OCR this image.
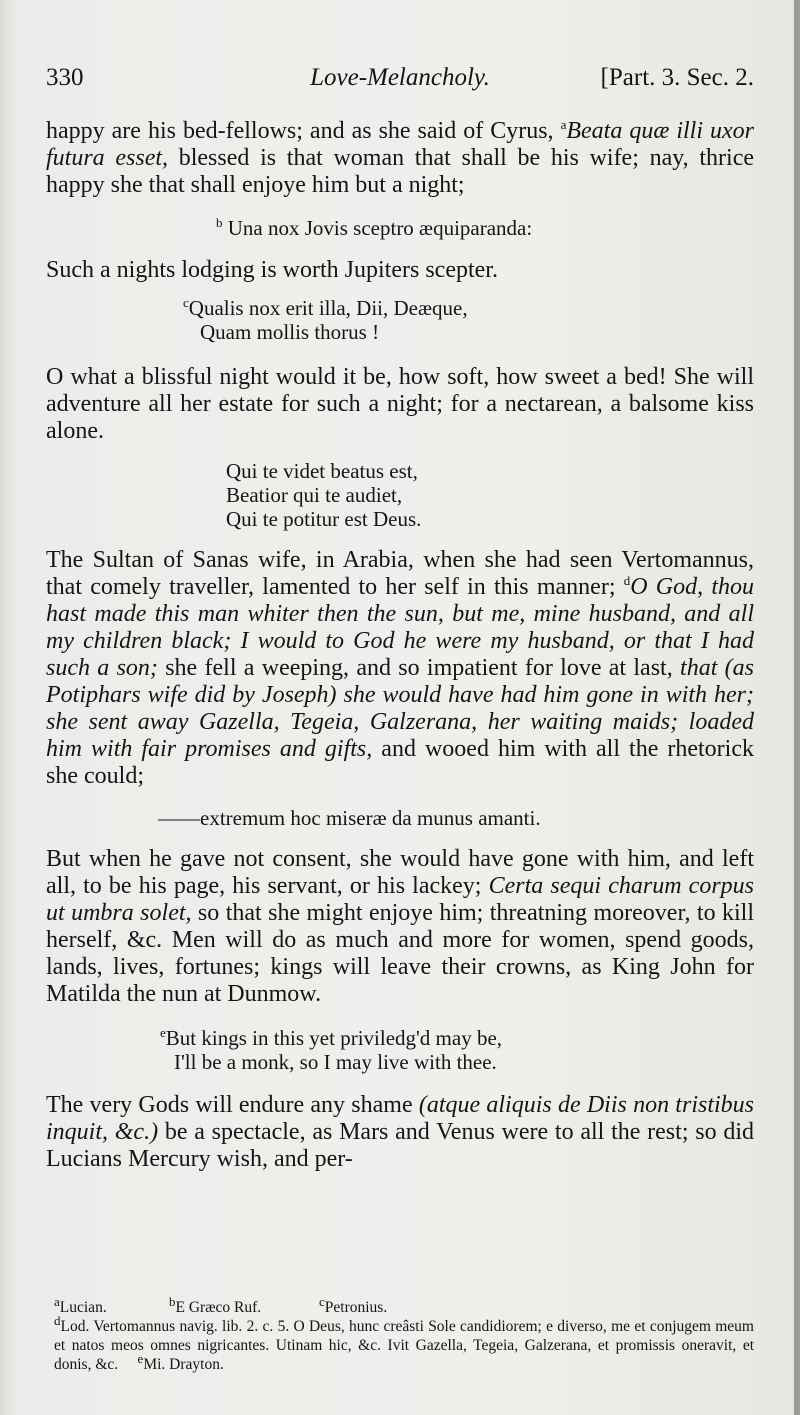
330	Love-Melancholy.	[Part. 3. Sec. 2.

happy are his bed-fellows; and as she said of Cyrus, $^a$Beata quæ illi uxor futura esset, blessed is that woman that shall be his wife; nay, thrice happy she that shall enjoye him but a night;

$^b$ Una nox Jovis sceptro æquiparanda:

Such a nights lodging is worth Jupiters scepter.

$^c$Qualis nox erit illa, Dii, Deæque,
Quam mollis thorus !

O what a blissful night would it be, how soft, how sweet a bed! She will adventure all her estate for such a night; for a nectarean, a balsome kiss alone.

Qui te videt beatus est,
Beatior qui te audiet,
Qui te potitur est Deus.

The Sultan of Sanas wife, in Arabia, when she had seen Vertomannus, that comely traveller, lamented to her self in this manner; $^d$O God, thou hast made this man whiter then the sun, but me, mine husband, and all my children black; I would to God he were my husband, or that I had such a son; she fell a weeping, and so impatient for love at last, that (as Potiphars wife did by Joseph) she would have had him gone in with her; she sent away Gazella, Tegeia, Galzerana, her waiting maids; loaded him with fair promises and gifts, and wooed him with all the rhetorick she could;

——extremum hoc miseræ da munus amanti.

But when he gave not consent, she would have gone with him, and left all, to be his page, his servant, or his lackey; Certa sequi charum corpus ut umbra solet, so that she might enjoye him; threatning moreover, to kill herself, &c. Men will do as much and more for women, spend goods, lands, lives, fortunes; kings will leave their crowns, as King John for Matilda the nun at Dunmow.

$^e$But kings in this yet priviledg'd may be,
I'll be a monk, so I may live with thee.

The very Gods will endure any shame (atque aliquis de Diis non tristibus inquit, &c.) be a spectacle, as Mars and Venus were to all the rest; so did Lucians Mercury wish, and per-

$^a$Lucian.	$^b$E Græco Ruf.	$^c$Petronius.

$^d$Lod. Vertomannus navig. lib. 2. c. 5. O Deus, hunc creâsti Sole candidiorem; e diverso, me et conjugem meum et natos meos omnes nigricantes. Utinam hic, &c. Ivit Gazella, Tegeia, Galzerana, et promissis oneravit, et donis, &c. $^e$Mi. Drayton.
